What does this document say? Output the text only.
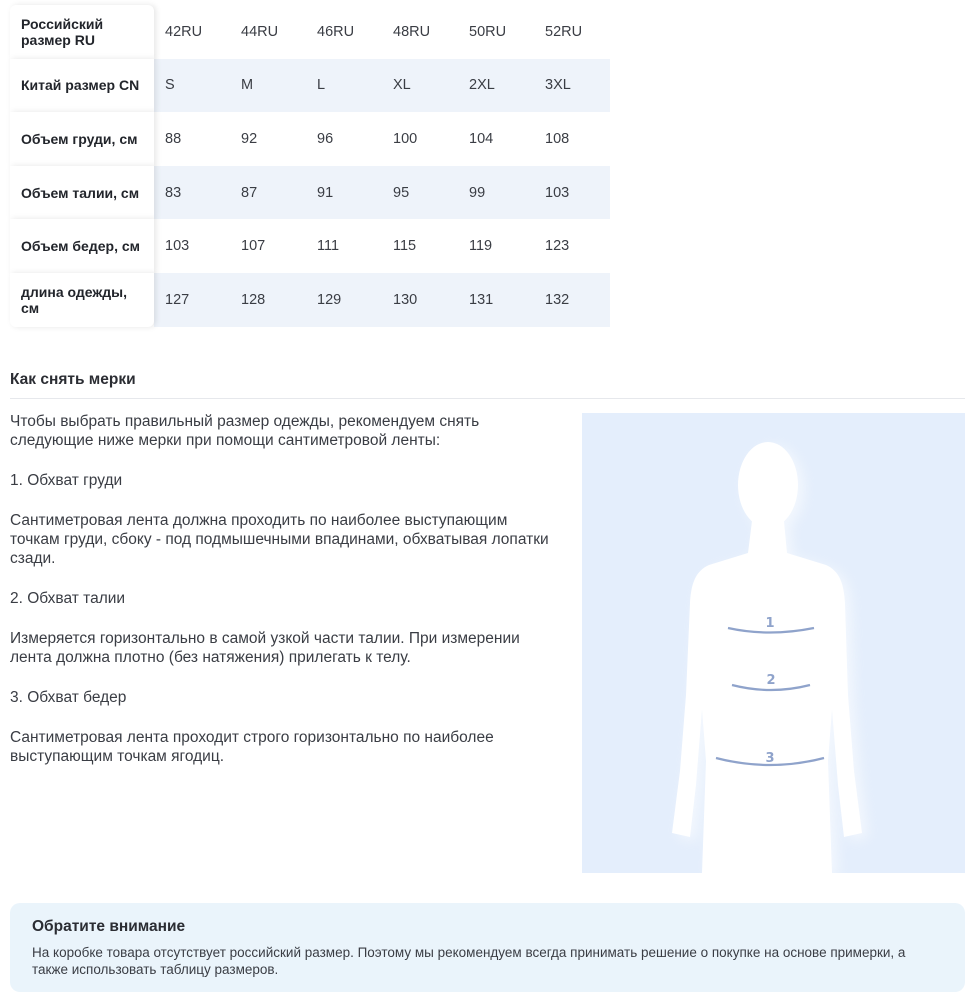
Российский размер RU	42RU	44RU	46RU	48RU	50RU	52RU
Китай размер CN	S	M	L	XL	2XL	3XL
Объем груди, см	88	92	96	100	104	108
Объем талии, см	83	87	91	95	99	103
Объем бедер, см	103	107	111	115	119	123
длина одежды, см	127	128	129	130	131	132
Как снять мерки

Чтобы выбрать правильный размер одежды, рекомендуем снять следующие ниже мерки при помощи сантиметровой ленты:

1. Обхват груди

Сантиметровая лента должна проходить по наиболее выступающим точкам груди, сбоку - под подмышечными впадинами, обхватывая лопатки сзади.

2. Обхват талии

Измеряется горизонтально в самой узкой части талии. При измерении лента должна плотно (без натяжения) прилегать к телу.

3. Обхват бедер

Сантиметровая лента проходит строго горизонтально по наиболее выступающим точкам ягодиц.

1
2
3
Обратите внимание
На коробке товара отсутствует российский размер. Поэтому мы рекомендуем всегда принимать решение о покупке на основе примерки, а также использовать таблицу размеров.
